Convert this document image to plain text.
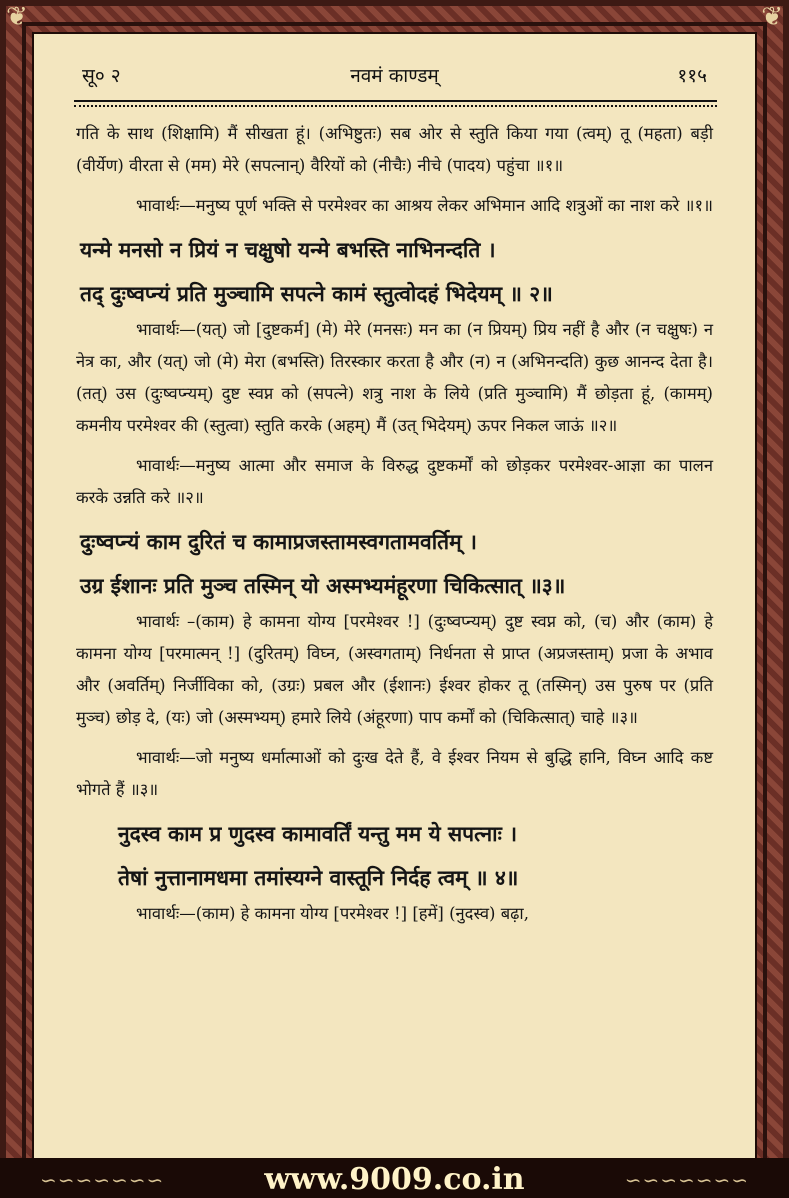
❦	❦
सू० २	नवमं काण्डम्	११५

गति के साथ (शिक्षामि) मैं सीखता हूं। (अभिष्टुतः) सब ओर से स्तुति किया गया (त्वम्) तू (महता) बड़ी (वीर्येण) वीरता से (मम) मेरे (सपत्नान्) वैरियों को (नीचैः) नीचे (पादय) पहुंचा ॥१॥

भावार्थः—मनुष्य पूर्ण भक्ति से परमेश्वर का आश्रय लेकर अभिमान आदि शत्रुओं का नाश करे ॥१॥

यन्मे मनसो न प्रियं न चक्षुषो यन्मे बभस्ति नाभिनन्दति ।

तद् दुःष्वप्न्यं प्रति मुञ्चामि सपत्ने कामं स्तुत्वोदहं भिदेयम् ॥ २॥

भावार्थः—(यत्) जो [दुष्टकर्म] (मे) मेरे (मनसः) मन का (न प्रियम्) प्रिय नहीं है और (न चक्षुषः) न नेत्र का, और (यत्) जो (मे) मेरा (बभस्ति) तिरस्कार करता है और (न) न (अभिनन्दति) कुछ आनन्द देता है। (तत्) उस (दुःष्वप्न्यम्) दुष्ट स्वप्न को (सपत्ने) शत्रु नाश के लिये (प्रति मुञ्चामि) मैं छोड़ता हूं, (कामम्) कमनीय परमेश्वर की (स्तुत्वा) स्तुति करके (अहम्) मैं (उत् भिदेयम्) ऊपर निकल जाऊं ॥२॥

भावार्थः—मनुष्य आत्मा और समाज के विरुद्ध दुष्टकर्मों को छोड़कर परमेश्वर-आज्ञा का पालन करके उन्नति करे ॥२॥

दुःष्वप्न्यं काम दुरितं च कामाप्रजस्तामस्वगतामवर्तिम् ।

उग्र ईशानः प्रति मुञ्च तस्मिन् यो अस्मभ्यमंहूरणा चिकित्सात् ॥३॥

भावार्थः –(काम) हे कामना योग्य [परमेश्वर !] (दुःष्वप्न्यम्) दुष्ट स्वप्न को, (च) और (काम) हे कामना योग्य [परमात्मन् !] (दुरितम्) विघ्न, (अस्वगताम्) निर्धनता से प्राप्त (अप्रजस्ताम्) प्रजा के अभाव और (अवर्तिम्) निर्जीविका को, (उग्रः) प्रबल और (ईशानः) ईश्वर होकर तू (तस्मिन्) उस पुरुष पर (प्रति मुञ्च) छोड़ दे, (यः) जो (अस्मभ्यम्) हमारे लिये (अंहूरणा) पाप कर्मों को (चिकित्सात्) चाहे ॥३॥

भावार्थः—जो मनुष्य धर्मात्माओं को दुःख देते हैं, वे ईश्वर नियम से बुद्धि हानि, विघ्न आदि कष्ट भोगते हैं ॥३॥

नुदस्व काम प्र णुदस्व कामावर्तिं यन्तु मम ये सपत्नाः ।

तेषां नुत्तानामधमा तमांस्यग्ने वास्तूनि निर्दह त्वम् ॥ ४॥

भावार्थः—(काम) हे कामना योग्य [परमेश्वर !] [हमें] (नुदस्व) बढ़ा,

∽∽∽∽∽∽∽	www.9009.co.in	∽∽∽∽∽∽∽
